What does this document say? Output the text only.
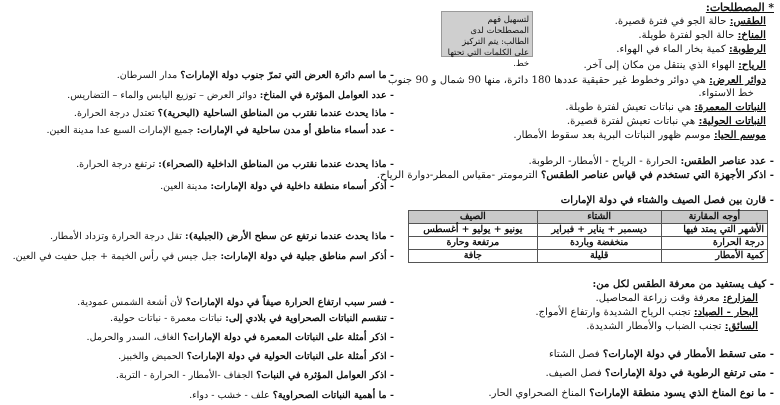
* المصطلحات:
لتسهيل فهم المصطلحات لدى الطالب: يتم التركيز على الكلمات التي تحتها خط.
الطقس: حالة الجو في فترة قصيرة.
المناخ: حالة الجو لفترة طويلة.
الرطوبة: كمية بخار الماء في الهواء.
الرياح: الهواء الذي ينتقل من مكان إلى آخر.
دوائر العرض: هي دوائر وخطوط غير حقيقية عددها 180 دائرة، منها 90 شمال و 90 جنوب
خط الاستواء.
النباتات المعمرة: هي نباتات تعيش لفترة طويلة.
النباتات الحولية: هي نباتات تعيش لفترة قصيرة.
موسم الحيا: موسم ظهور النباتات البرية بعد سقوط الأمطار.
- عدد عناصر الطقس: الحرارة - الرياح - الأمطار- الرطوبة.
- اذكر الأجهزة التي تستخدم في قياس عناصر الطقس؟ الترمومتر -مقياس المطر-دوارة الرياح.
- قارن بين فصل الصيف والشتاء في دولة الإمارات
أوجه المقارنة	الشتاء	الصيف
الأشهر التي يمتد فيها	ديسمبر + يناير + فبراير	يونيو + يوليو + أغسطس
درجة الحرارة	منخفضة وباردة	مرتفعة وحارة
كمية الأمطار	قليلة	جافة
- كيف يستفيد من معرفة الطقس لكل من:
المزارع: معرفة وقت زراعة المحاصيل.
البحار - الصياد: تجنب الرياح الشديدة وارتفاع الأمواج.
السائق: تجنب الضباب والأمطار الشديدة.
- متى تسقط الأمطار في دولة الإمارات؟ فصل الشتاء
- متى ترتفع الرطوبة في دولة الإمارات؟ فصل الصيف.
- ما نوع المناخ الذي يسود منطقة الإمارات؟ المناخ الصحراوي الحار.
- ما اسم دائرة العرض التي تمرّ جنوب دولة الإمارات؟ مدار السرطان.
- عدد العوامل المؤثرة في المناخ: دوائر العرض – توزيع اليابس والماء – التضاريس.
- ماذا يحدث عندما نقترب من المناطق الساحلية (البحرية)؟ تعتدل درجة الحرارة.
- عدد أسماء مناطق أو مدن ساحلية في الإمارات: جميع الإمارات السبع عدا مدينة العين.
- ماذا يحدث عندما نقترب من المناطق الداخلية (الصحراء): ترتفع درجة الحرارة.
- أذكر أسماء منطقة داخلية في دولة الإمارات: مدينة العين.
- ماذا يحدث عندما نرتفع عن سطح الأرض (الجبلية): تقل درجة الحرارة وتزداد الأمطار.
- أذكر اسم مناطق جبلية في دولة الإمارات: جبل جيس في رأس الخيمة + جبل حفيت في العين.
- فسر سبب ارتفاع الحرارة صيفاً في دولة الإمارات؟ لأن أشعة الشمس عمودية.
- تنقسم النباتات الصحراوية في بلادي إلى: نباتات معمرة - نباتات حولية.
- اذكر أمثلة على النباتات المعمرة في دولة الإمارات؟ الغاف، السدر والحرمل.
- اذكر أمثلة على النباتات الحولية في دولة الإمارات؟ الحميض والخبيز.
- اذكر العوامل المؤثرة في النبات؟ الجفاف -الأمطار - الحرارة - التربة.
- ما أهمية النباتات الصحراوية؟ علف - خشب - دواء.
